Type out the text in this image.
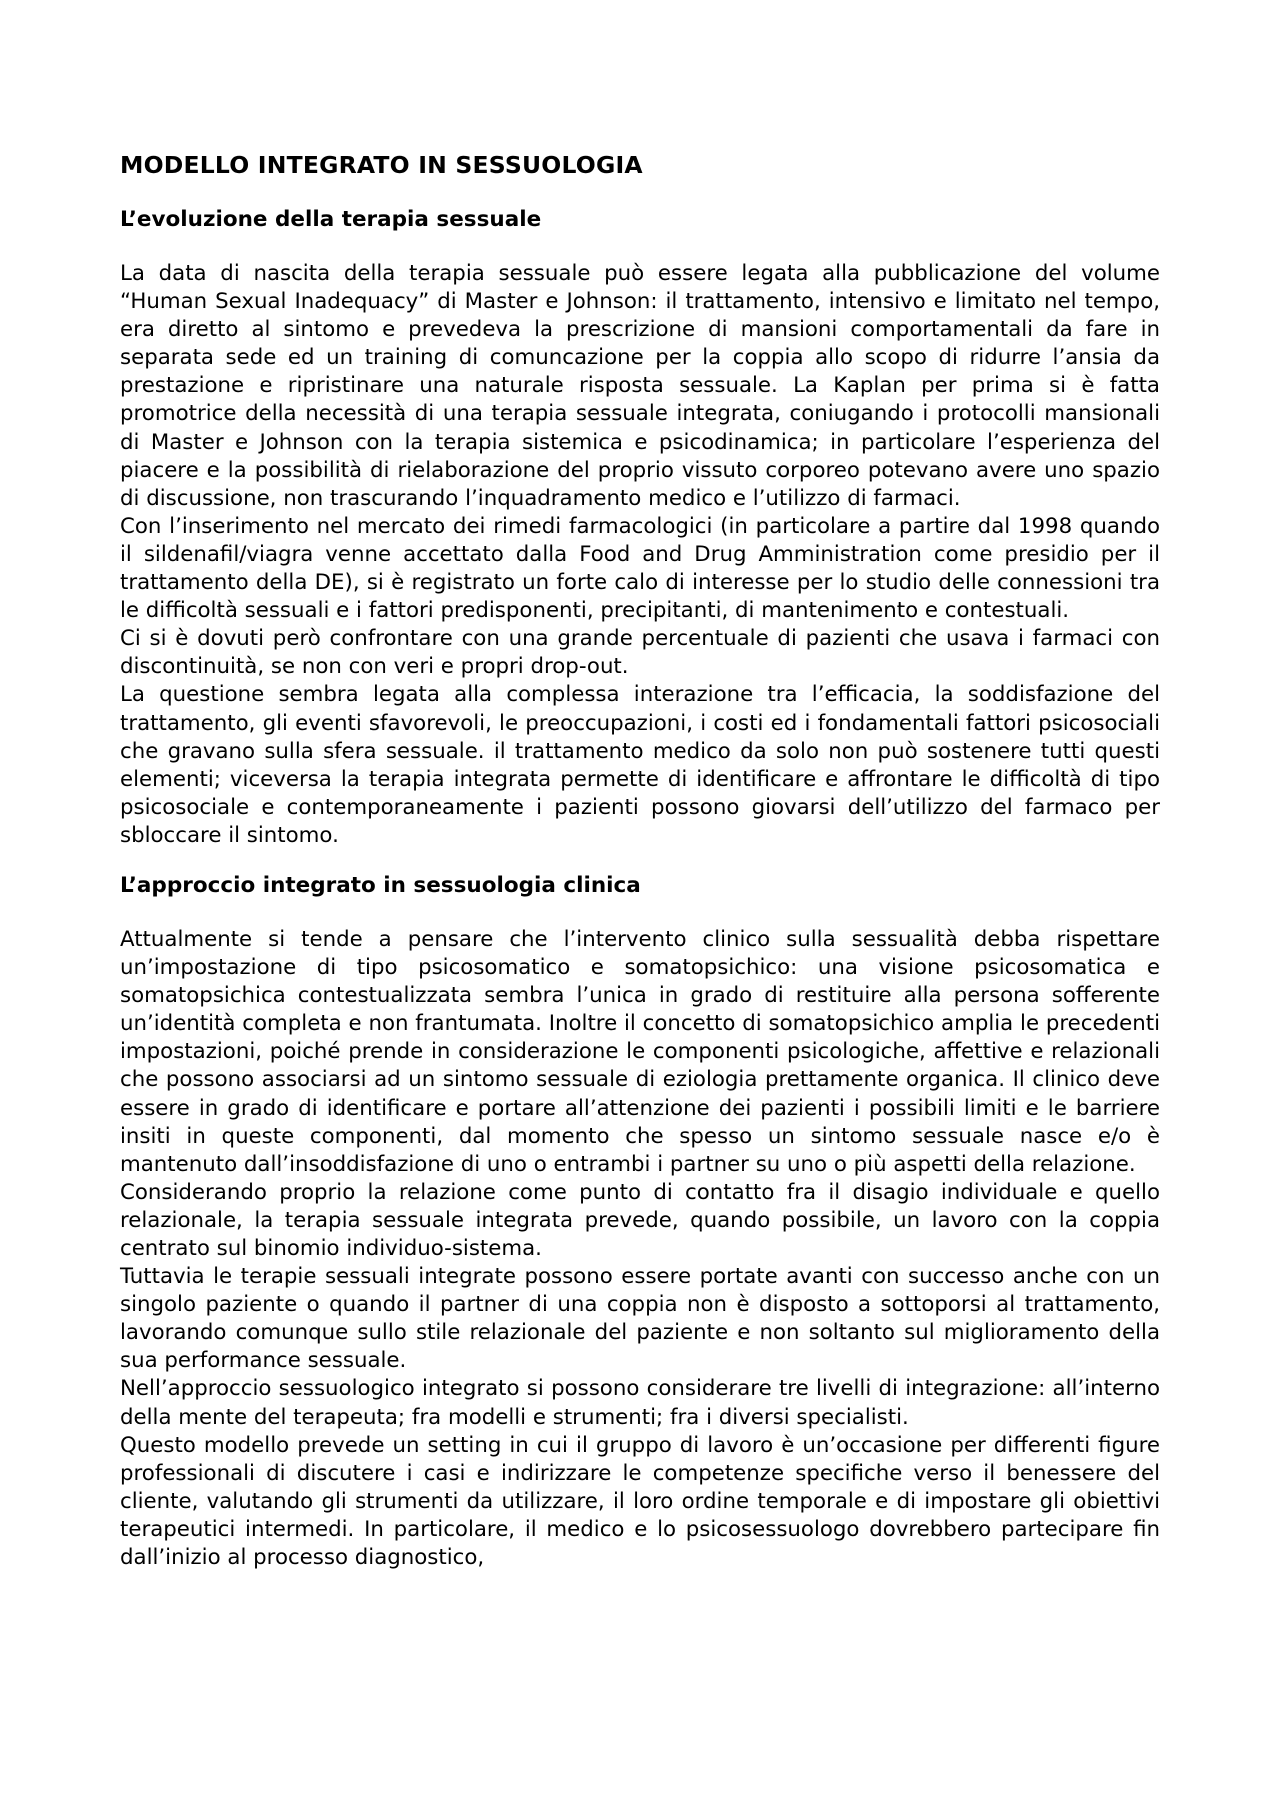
MODELLO INTEGRATO IN SESSUOLOGIA
L’evoluzione della terapia sessuale

La data di nascita della terapia sessuale può essere legata alla pubblicazione del volume “Human Sexual Inadequacy” di Master e Johnson: il trattamento, intensivo e limitato nel tempo, era diretto al sintomo e prevedeva la prescrizione di mansioni comportamentali da fare in separata sede ed un training di comuncazione per la coppia allo scopo di ridurre l’ansia da prestazione e ripristinare una naturale risposta sessuale. La Kaplan per prima si è fatta promotrice della necessità di una terapia sessuale integrata, coniugando i protocolli mansionali di Master e Johnson con la terapia sistemica e psicodinamica; in particolare l’esperienza del piacere e la possibilità di rielaborazione del proprio vissuto corporeo potevano avere uno spazio di discussione, non trascurando l’inquadramento medico e l’utilizzo di farmaci.

Con l’inserimento nel mercato dei rimedi farmacologici (in particolare a partire dal 1998 quando il sildenafil/viagra venne accettato dalla Food and Drug Amministration come presidio per il trattamento della DE), si è registrato un forte calo di interesse per lo studio delle connessioni tra le difficoltà sessuali e i fattori predisponenti, precipitanti, di mantenimento e contestuali.

Ci si è dovuti però confrontare con una grande percentuale di pazienti che usava i farmaci con discontinuità, se non con veri e propri drop-out.

La questione sembra legata alla complessa interazione tra l’efficacia, la soddisfazione del trattamento, gli eventi sfavorevoli, le preoccupazioni, i costi ed i fondamentali fattori psicosociali che gravano sulla sfera sessuale. il trattamento medico da solo non può sostenere tutti questi elementi; viceversa la terapia integrata permette di identificare e affrontare le difficoltà di tipo psicosociale e contemporaneamente i pazienti possono giovarsi dell’utilizzo del farmaco per sbloccare il sintomo.

L’approccio integrato in sessuologia clinica

Attualmente si tende a pensare che l’intervento clinico sulla sessualità debba rispettare un’impostazione di tipo psicosomatico e somatopsichico: una visione psicosomatica e somatopsichica contestualizzata sembra l’unica in grado di restituire alla persona sofferente un’identità completa e non frantumata. Inoltre il concetto di somatopsichico amplia le precedenti impostazioni, poiché prende in considerazione le componenti psicologiche, affettive e relazionali che possono associarsi ad un sintomo sessuale di eziologia prettamente organica. Il clinico deve essere in grado di identificare e portare all’attenzione dei pazienti i possibili limiti e le barriere insiti in queste componenti, dal momento che spesso un sintomo sessuale nasce e/o è mantenuto dall’insoddisfazione di uno o entrambi i partner su uno o più aspetti della relazione.

Considerando proprio la relazione come punto di contatto fra il disagio individuale e quello relazionale, la terapia sessuale integrata prevede, quando possibile, un lavoro con la coppia centrato sul binomio individuo-sistema.

Tuttavia le terapie sessuali integrate possono essere portate avanti con successo anche con un singolo paziente o quando il partner di una coppia non è disposto a sottoporsi al trattamento, lavorando comunque sullo stile relazionale del paziente e non soltanto sul miglioramento della sua performance sessuale.

Nell’approccio sessuologico integrato si possono considerare tre livelli di integrazione: all’interno della mente del terapeuta; fra modelli e strumenti; fra i diversi specialisti.

Questo modello prevede un setting in cui il gruppo di lavoro è un’occasione per differenti figure professionali di discutere i casi e indirizzare le competenze specifiche verso il benessere del cliente, valutando gli strumenti da utilizzare, il loro ordine temporale e di impostare gli obiettivi terapeutici intermedi. In particolare, il medico e lo psicosessuologo dovrebbero partecipare fin dall’inizio al processo diagnostico,
